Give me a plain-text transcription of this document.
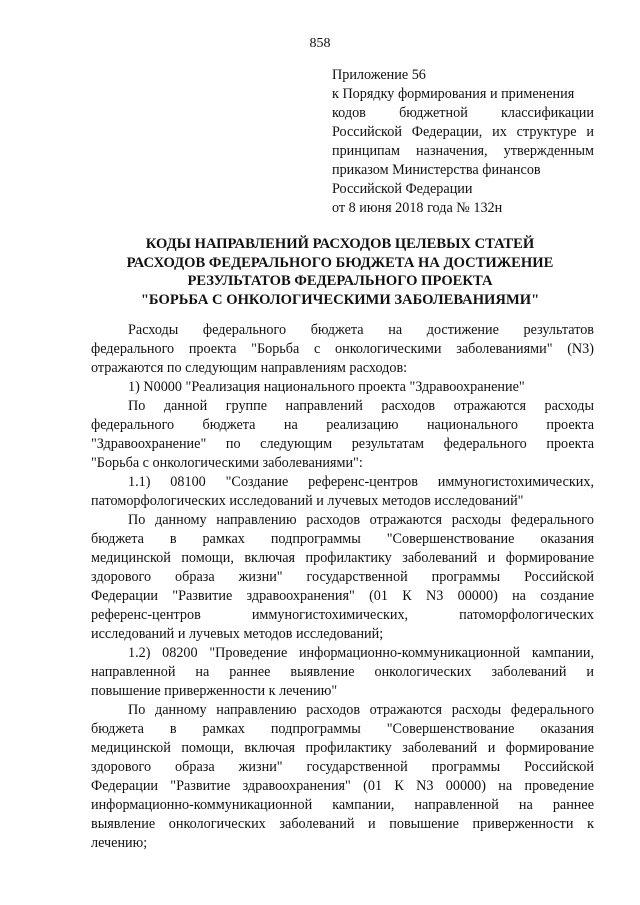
858
Приложение 56
к Порядку формирования и применения
кодов бюджетной классификации
Российской Федерации, их структуре и
принципам назначения, утвержденным
приказом Министерства финансов
Российской Федерации
от 8 июня 2018 года № 132н
КОДЫ НАПРАВЛЕНИЙ РАСХОДОВ ЦЕЛЕВЫХ СТАТЕЙ
РАСХОДОВ ФЕДЕРАЛЬНОГО БЮДЖЕТА НА ДОСТИЖЕНИЕ
РЕЗУЛЬТАТОВ ФЕДЕРАЛЬНОГО ПРОЕКТА
"БОРЬБА С ОНКОЛОГИЧЕСКИМИ ЗАБОЛЕВАНИЯМИ"
Расходы федерального бюджета на достижение результатов
федерального проекта "Борьба с онкологическими заболеваниями" (N3)
отражаются по следующим направлениям расходов:
1) N0000 "Реализация национального проекта "Здравоохранение"
По данной группе направлений расходов отражаются расходы
федерального бюджета на реализацию национального проекта
"Здравоохранение" по следующим результатам федерального проекта
"Борьба с онкологическими заболеваниями":
1.1) 08100 "Создание референс-центров иммуногистохимических,
патоморфологических исследований и лучевых методов исследований"
По данному направлению расходов отражаются расходы федерального
бюджета в рамках подпрограммы "Совершенствование оказания
медицинской помощи, включая профилактику заболеваний и формирование
здорового образа жизни" государственной программы Российской
Федерации "Развитие здравоохранения" (01 К N3 00000) на создание
референс-центров иммуногистохимических, патоморфологических
исследований и лучевых методов исследований;
1.2) 08200 "Проведение информационно-коммуникационной кампании,
направленной на раннее выявление онкологических заболеваний и
повышение приверженности к лечению"
По данному направлению расходов отражаются расходы федерального
бюджета в рамках подпрограммы "Совершенствование оказания
медицинской помощи, включая профилактику заболеваний и формирование
здорового образа жизни" государственной программы Российской
Федерации "Развитие здравоохранения" (01 К N3 00000) на проведение
информационно-коммуникационной кампании, направленной на раннее
выявление онкологических заболеваний и повышение приверженности к
лечению;
